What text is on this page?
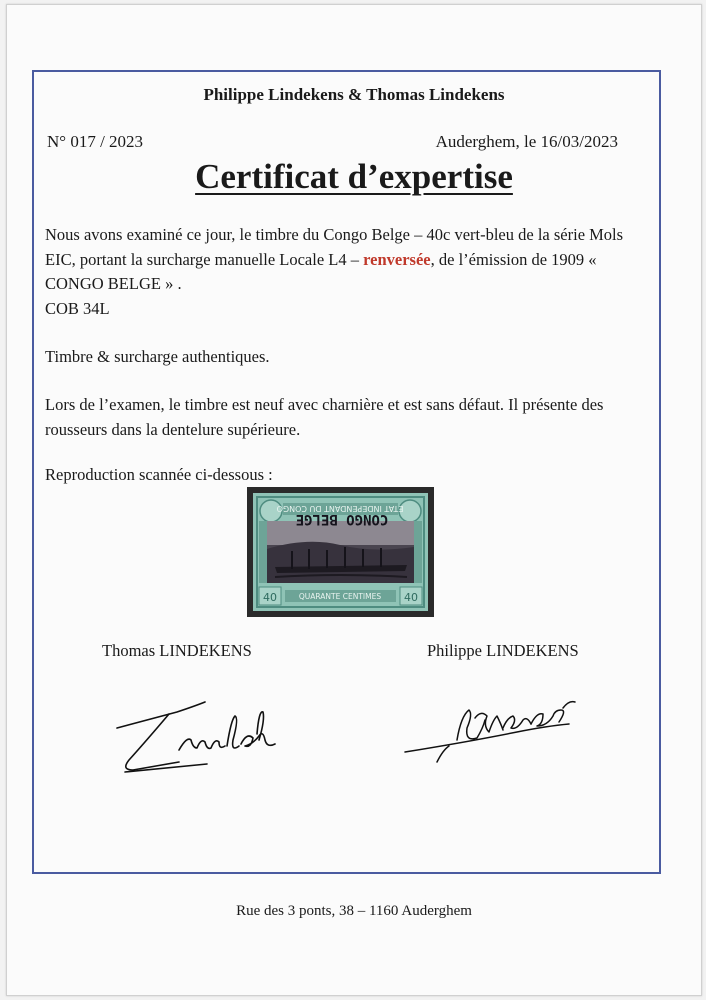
Philippe Lindekens & Thomas Lindekens
N° 017 / 2023	Auderghem, le 16/03/2023
Certificat d’expertise
Nous avons examiné ce jour, le timbre du Congo Belge – 40c vert-bleu de la série Mols EIC, portant la surcharge manuelle Locale L4 – renversée, de l’émission de 1909 « CONGO BELGE » .
COB 34L
Timbre & surcharge authentiques.
Lors de l’examen, le timbre est neuf avec charnière et est sans défaut. Il présente des rousseurs dans la dentelure supérieure.
Reproduction scannée ci-dessous :
ETAT INDEPENDANT DU CONGO
CONGO BELGE
40	40
QUARANTE CENTIMES
Thomas LINDEKENS	Philippe LINDEKENS
Rue des 3 ponts, 38 – 1160 Auderghem
